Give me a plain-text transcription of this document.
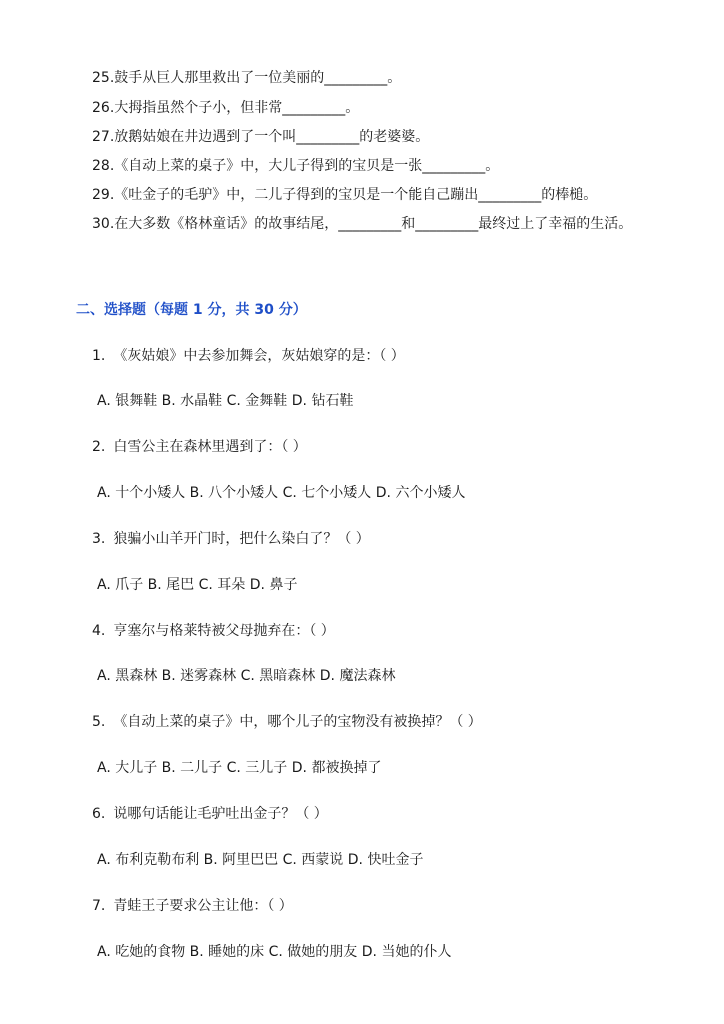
25.鼓手从巨人那里救出了一位美丽的_________。
26.大拇指虽然个子小，但非常_________。
27.放鹅姑娘在井边遇到了一个叫_________的老婆婆。
28.《自动上菜的桌子》中，大儿子得到的宝贝是一张_________。
29.《吐金子的毛驴》中，二儿子得到的宝贝是一个能自己蹦出_________的棒槌。
30.在大多数《格林童话》的故事结尾，_________和_________最终过上了幸福的生活。
二、选择题（每题 1 分，共 30 分）
1. 《灰姑娘》中去参加舞会，灰姑娘穿的是：（ ）
A. 银舞鞋 B. 水晶鞋 C. 金舞鞋 D. 钻石鞋
2. 白雪公主在森林里遇到了：（ ）
A. 十个小矮人 B. 八个小矮人 C. 七个小矮人 D. 六个小矮人
3. 狼骗小山羊开门时，把什么染白了？（ ）
A. 爪子 B. 尾巴 C. 耳朵 D. 鼻子
4. 亨塞尔与格莱特被父母抛弃在：（ ）
A. 黑森林 B. 迷雾森林 C. 黑暗森林 D. 魔法森林
5. 《自动上菜的桌子》中，哪个儿子的宝物没有被换掉？（ ）
A. 大儿子 B. 二儿子 C. 三儿子 D. 都被换掉了
6. 说哪句话能让毛驴吐出金子？（ ）
A. 布利克勒布利 B. 阿里巴巴 C. 西蒙说 D. 快吐金子
7. 青蛙王子要求公主让他：（ ）
A. 吃她的食物 B. 睡她的床 C. 做她的朋友 D. 当她的仆人
